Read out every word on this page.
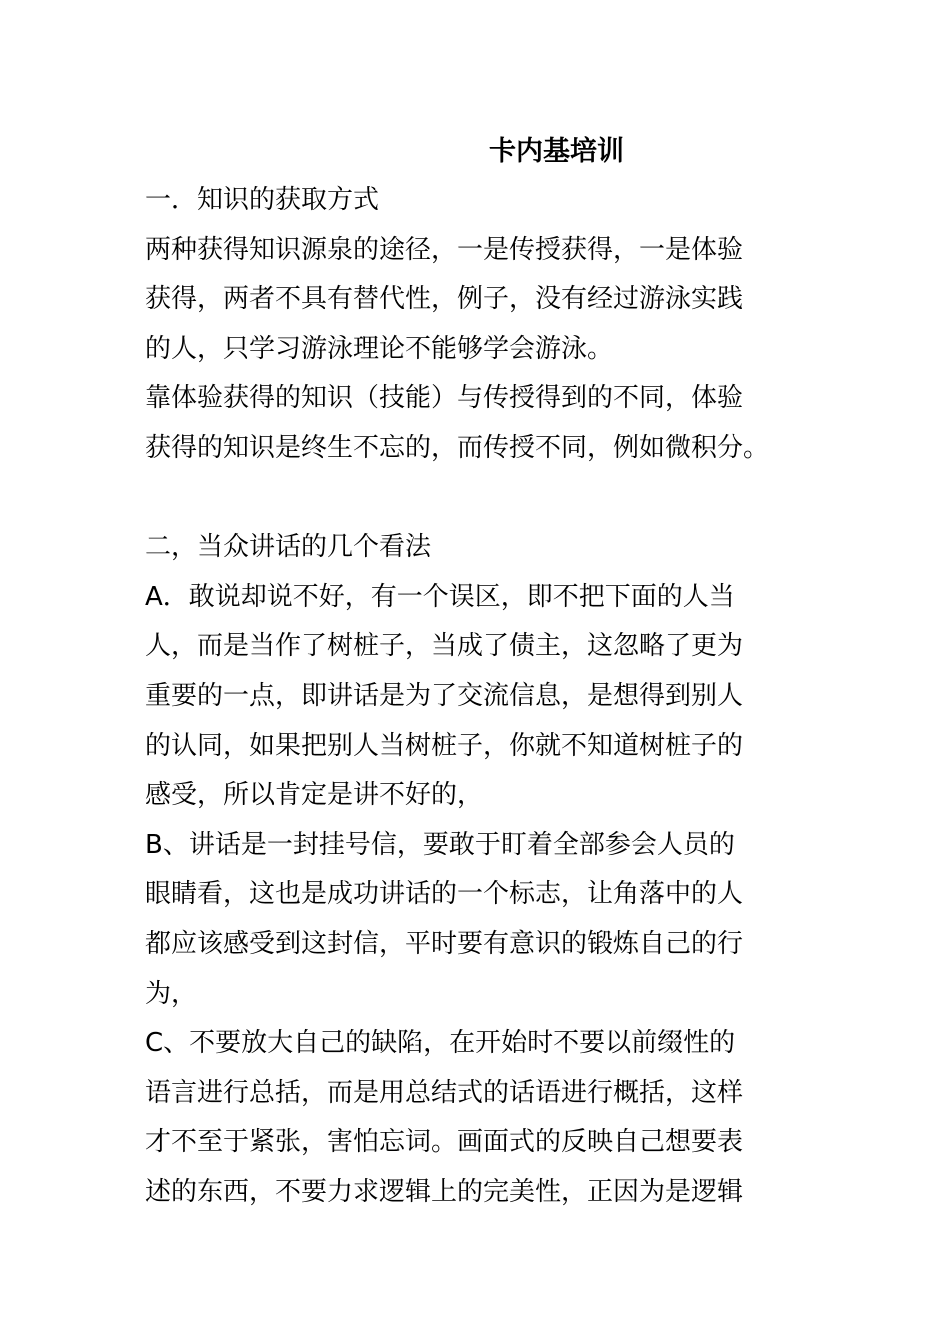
卡内基培训
一．知识的获取方式
两种获得知识源泉的途径，一是传授获得，一是体验
获得，两者不具有替代性，例子，没有经过游泳实践
的人，只学习游泳理论不能够学会游泳。
靠体验获得的知识（技能）与传授得到的不同，体验
获得的知识是终生不忘的，而传授不同，例如微积分。
二，当众讲话的几个看法
A．敢说却说不好，有一个误区，即不把下面的人当
人，而是当作了树桩子，当成了债主，这忽略了更为
重要的一点，即讲话是为了交流信息，是想得到别人
的认同，如果把别人当树桩子，你就不知道树桩子的
感受，所以肯定是讲不好的，
B、讲话是一封挂号信，要敢于盯着全部参会人员的
眼睛看，这也是成功讲话的一个标志，让角落中的人
都应该感受到这封信，平时要有意识的锻炼自己的行
为，
C、不要放大自己的缺陷，在开始时不要以前缀性的
语言进行总括，而是用总结式的话语进行概括，这样
才不至于紧张，害怕忘词。画面式的反映自己想要表
述的东西，不要力求逻辑上的完美性，正因为是逻辑
